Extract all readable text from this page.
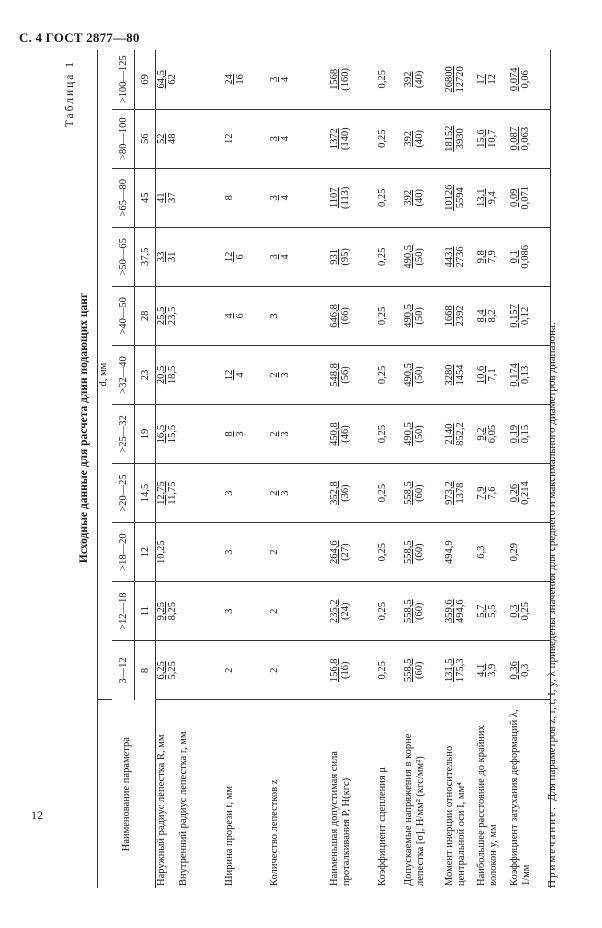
С. 4 ГОСТ 2877—80
Таблица 1
Исходные данные для расчета длин подающих цанг
Наименование параметра	d, мм										
	3—12	>12—18	>18—20	>20—25	>25—32	>32—40	>40—50	>50—65	>65—80	>80—100	>100—125
	8	11	12	14,5	19	23	28	37,5	45	56	69
Наружный радиус лепестка R, мм	6,25 5,25	9,25 8,25	10,25	12,75 11,75	16,5 15,5	20,5 18,5	25,5 23,5	33 31	41 37	52 48	64,5 62

Внутренний радиус лепестка r, мм	

Ширина прорези t, мм	2	3	3	3	8 3	12 4	4 6	12 6	8	12	24 16

Количество лепестков z	2	2	2	2 3	2 3	2 3	3	3 4	3 4	3 4	3 4

Наименьшая допустимая сила проталкивания P, Н(кгс)	156,8 (16)	235,2 (24)	264,6 (27)	352,8 (36)	450,8 (46)	548,8 (56)	646,8 (66)	931 (95)	1107 (113)	1372 (140)	1568 (160)

Коэффициент сцепления μ	0,25	0,25	0,25	0,25	0,25	0,25	0,25	0,25	0,25	0,25	0,25

Допускаемые напряжения в корне лепестка [σ], Н/мм² (кгс/мм²)	558,5 (60)	558,5 (60)	558,5 (60)	558,5 (60)	490,5 (50)	490,5 (50)	490,5 (50)	490,5 (50)	392 (40)	392 (40)	392 (40)

Момент инерции относительно центральной оси I, мм⁴	131,5 175,3	359,6 494,6	494,9	973,2 1378	2140 852,2	3280 1454	1668 2392	4431 2736	10126 5594	18152 3930	26800 12720

Наибольшее расстояние до крайних волокон y, мм	4,1 3,9	5,7 5,5	6,3	7,9 7,6	9,2 6,05	10,6 7,1	8,4 8,2	9,8 7,9	13,1 9,4	15,6 10,7	17 12

Коэффициент затухания деформаций λ, 1/мм	0,36 0,3	0,3 0,25	0,29	0,26 0,214	0,19 0,15	0,174 0,13	0,157 0,12	0,1 0,086	0,09 0,071	0,087 0,063	0,074 0,06
Примечание.Для параметров z, r, t, I, y, λ приведены значения для среднего и максимального диаметров диапазона.
12
